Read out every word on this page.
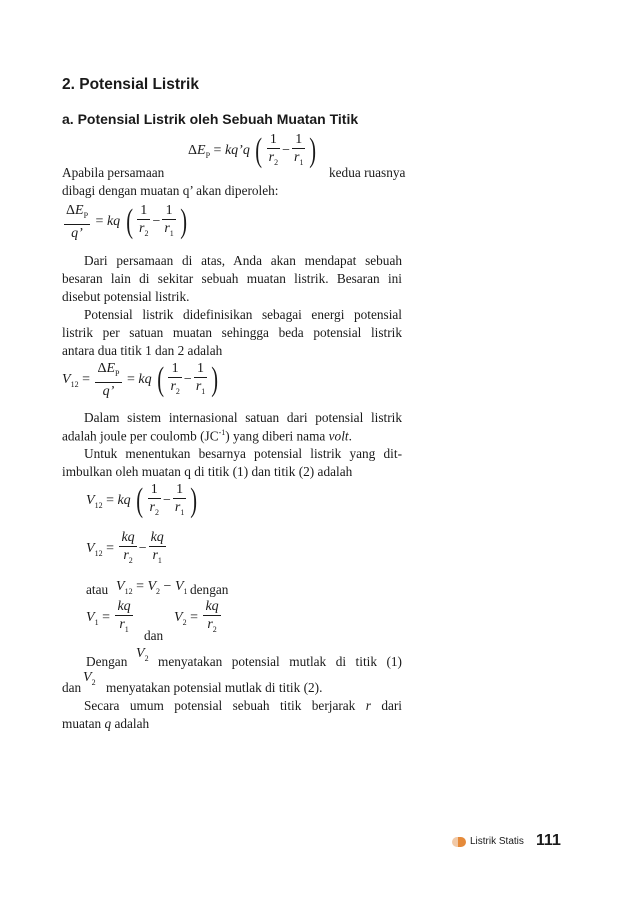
2. Potensial Listrik
a. Potensial Listrik oleh Sebuah Muatan Titik
$\Delta E_P$ = kq’q ( $\frac{1}{r_2} - \frac{1}{r_1}$ )
Apabila persamaan	kedua ruasnya
dibagi dengan muatan q’ akan diperoleh:
$\frac{\Delta E_P}{q’}$ = kq ( $\frac{1}{r_2} - \frac{1}{r_1}$ )
Dari persamaan di atas, Anda akan mendapat sebuah
besaran lain di sekitar sebuah muatan listrik. Besaran ini
disebut potensial listrik.
Potensial listrik didefinisikan sebagai energi potensial
listrik per satuan muatan sehingga beda potensial listrik
antara dua titik 1 dan 2 adalah
$V_{12} = \frac{\Delta E_P}{q’}$ = kq ( $\frac{1}{r_2} - \frac{1}{r_1}$ )
Dalam sistem internasional satuan dari potensial listrik
adalah joule per coulomb $(JC^{-1})$ yang diberi nama volt.
Untuk menentukan besarnya potensial listrik yang dit-
imbulkan oleh muatan q di titik (1) dan titik (2) adalah
$V_{12}$ = kq ( $\frac{1}{r_2} - \frac{1}{r_1}$ )
$V_{12} = \frac{kq}{r_2} - \frac{kq}{r_1}$
atau $V_{12} = V_2 - V_1$ dengan
$V_1 = \frac{kq}{r_1}$	$V_2 = \frac{kq}{r_2}$
dan
Dengan
$V_2$ menyatakan potensial mutlak di titik (1)
dan
$V_2$ menyatakan potensial mutlak di titik (2).
Secara umum potensial sebuah titik berjarak r dari
muatan q adalah
Listrik Statis 111
